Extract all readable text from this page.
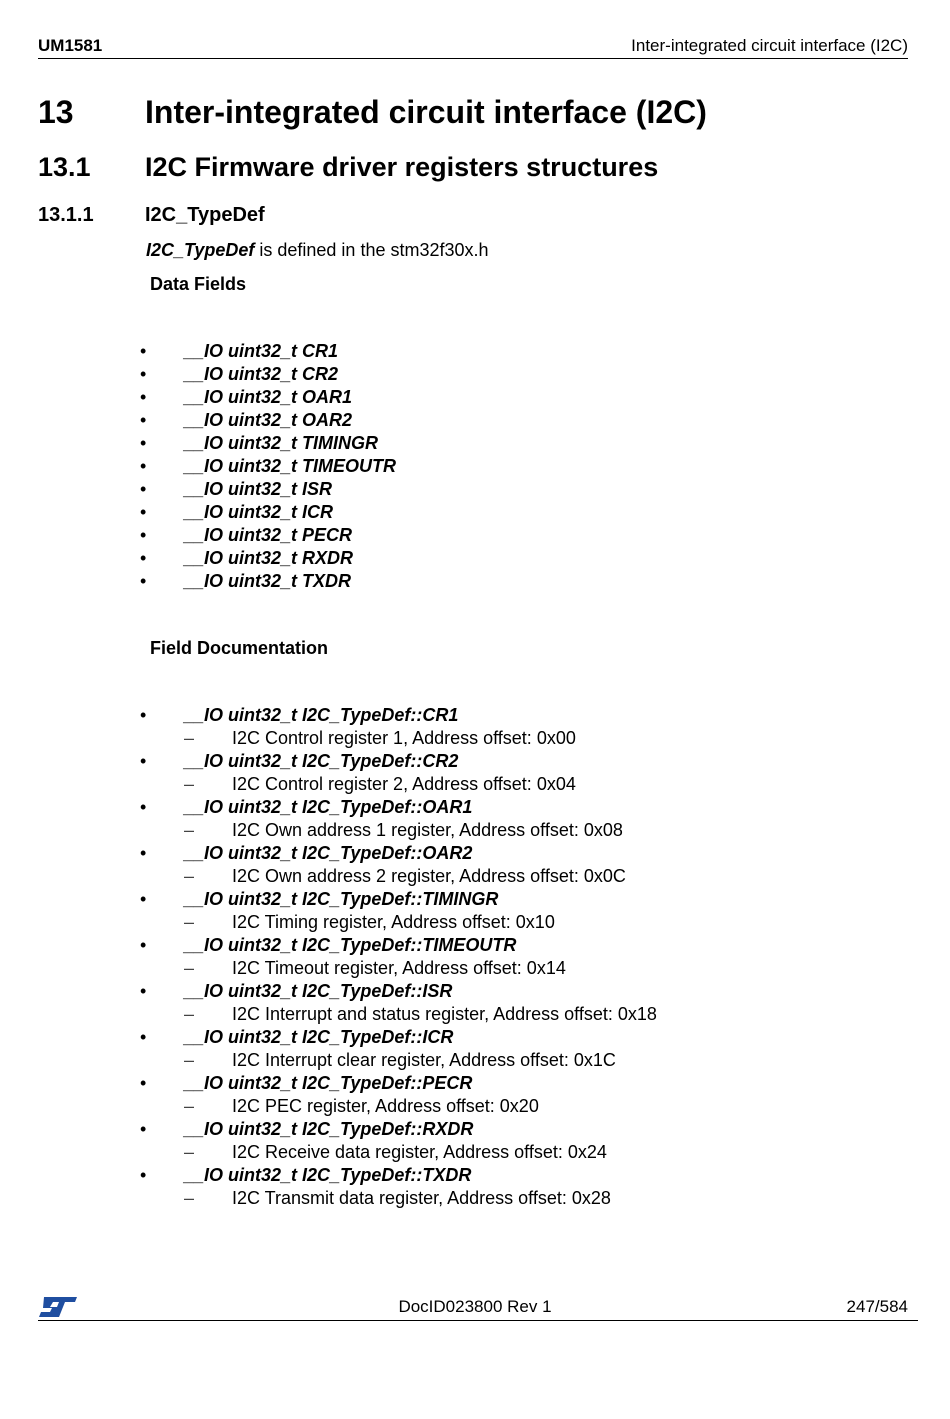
UM1581	Inter-integrated circuit interface (I2C)
13 Inter-integrated circuit interface (I2C)
13.1 I2C Firmware driver registers structures
13.1.1	I2C_TypeDef
I2C_TypeDef is defined in the stm32f30x.h
Data Fields
•	__IO uint32_t CR1
•	__IO uint32_t CR2
•	__IO uint32_t OAR1
•	__IO uint32_t OAR2
•	__IO uint32_t TIMINGR
•	__IO uint32_t TIMEOUTR
•	__IO uint32_t ISR
•	__IO uint32_t ICR
•	__IO uint32_t PECR
•	__IO uint32_t RXDR
•	__IO uint32_t TXDR
Field Documentation
•	__IO uint32_t I2C_TypeDef::CR1
– I2C Control register 1, Address offset: 0x00
•	__IO uint32_t I2C_TypeDef::CR2
– I2C Control register 2, Address offset: 0x04
•	__IO uint32_t I2C_TypeDef::OAR1
– I2C Own address 1 register, Address offset: 0x08
•	__IO uint32_t I2C_TypeDef::OAR2
– I2C Own address 2 register, Address offset: 0x0C
•	__IO uint32_t I2C_TypeDef::TIMINGR
– I2C Timing register, Address offset: 0x10
•	__IO uint32_t I2C_TypeDef::TIMEOUTR
– I2C Timeout register, Address offset: 0x14
•	__IO uint32_t I2C_TypeDef::ISR
– I2C Interrupt and status register, Address offset: 0x18
•	__IO uint32_t I2C_TypeDef::ICR
– I2C Interrupt clear register, Address offset: 0x1C
•	__IO uint32_t I2C_TypeDef::PECR
– I2C PEC register, Address offset: 0x20
•	__IO uint32_t I2C_TypeDef::RXDR
– I2C Receive data register, Address offset: 0x24
•	__IO uint32_t I2C_TypeDef::TXDR
– I2C Transmit data register, Address offset: 0x28
DocID023800 Rev 1	247/584
